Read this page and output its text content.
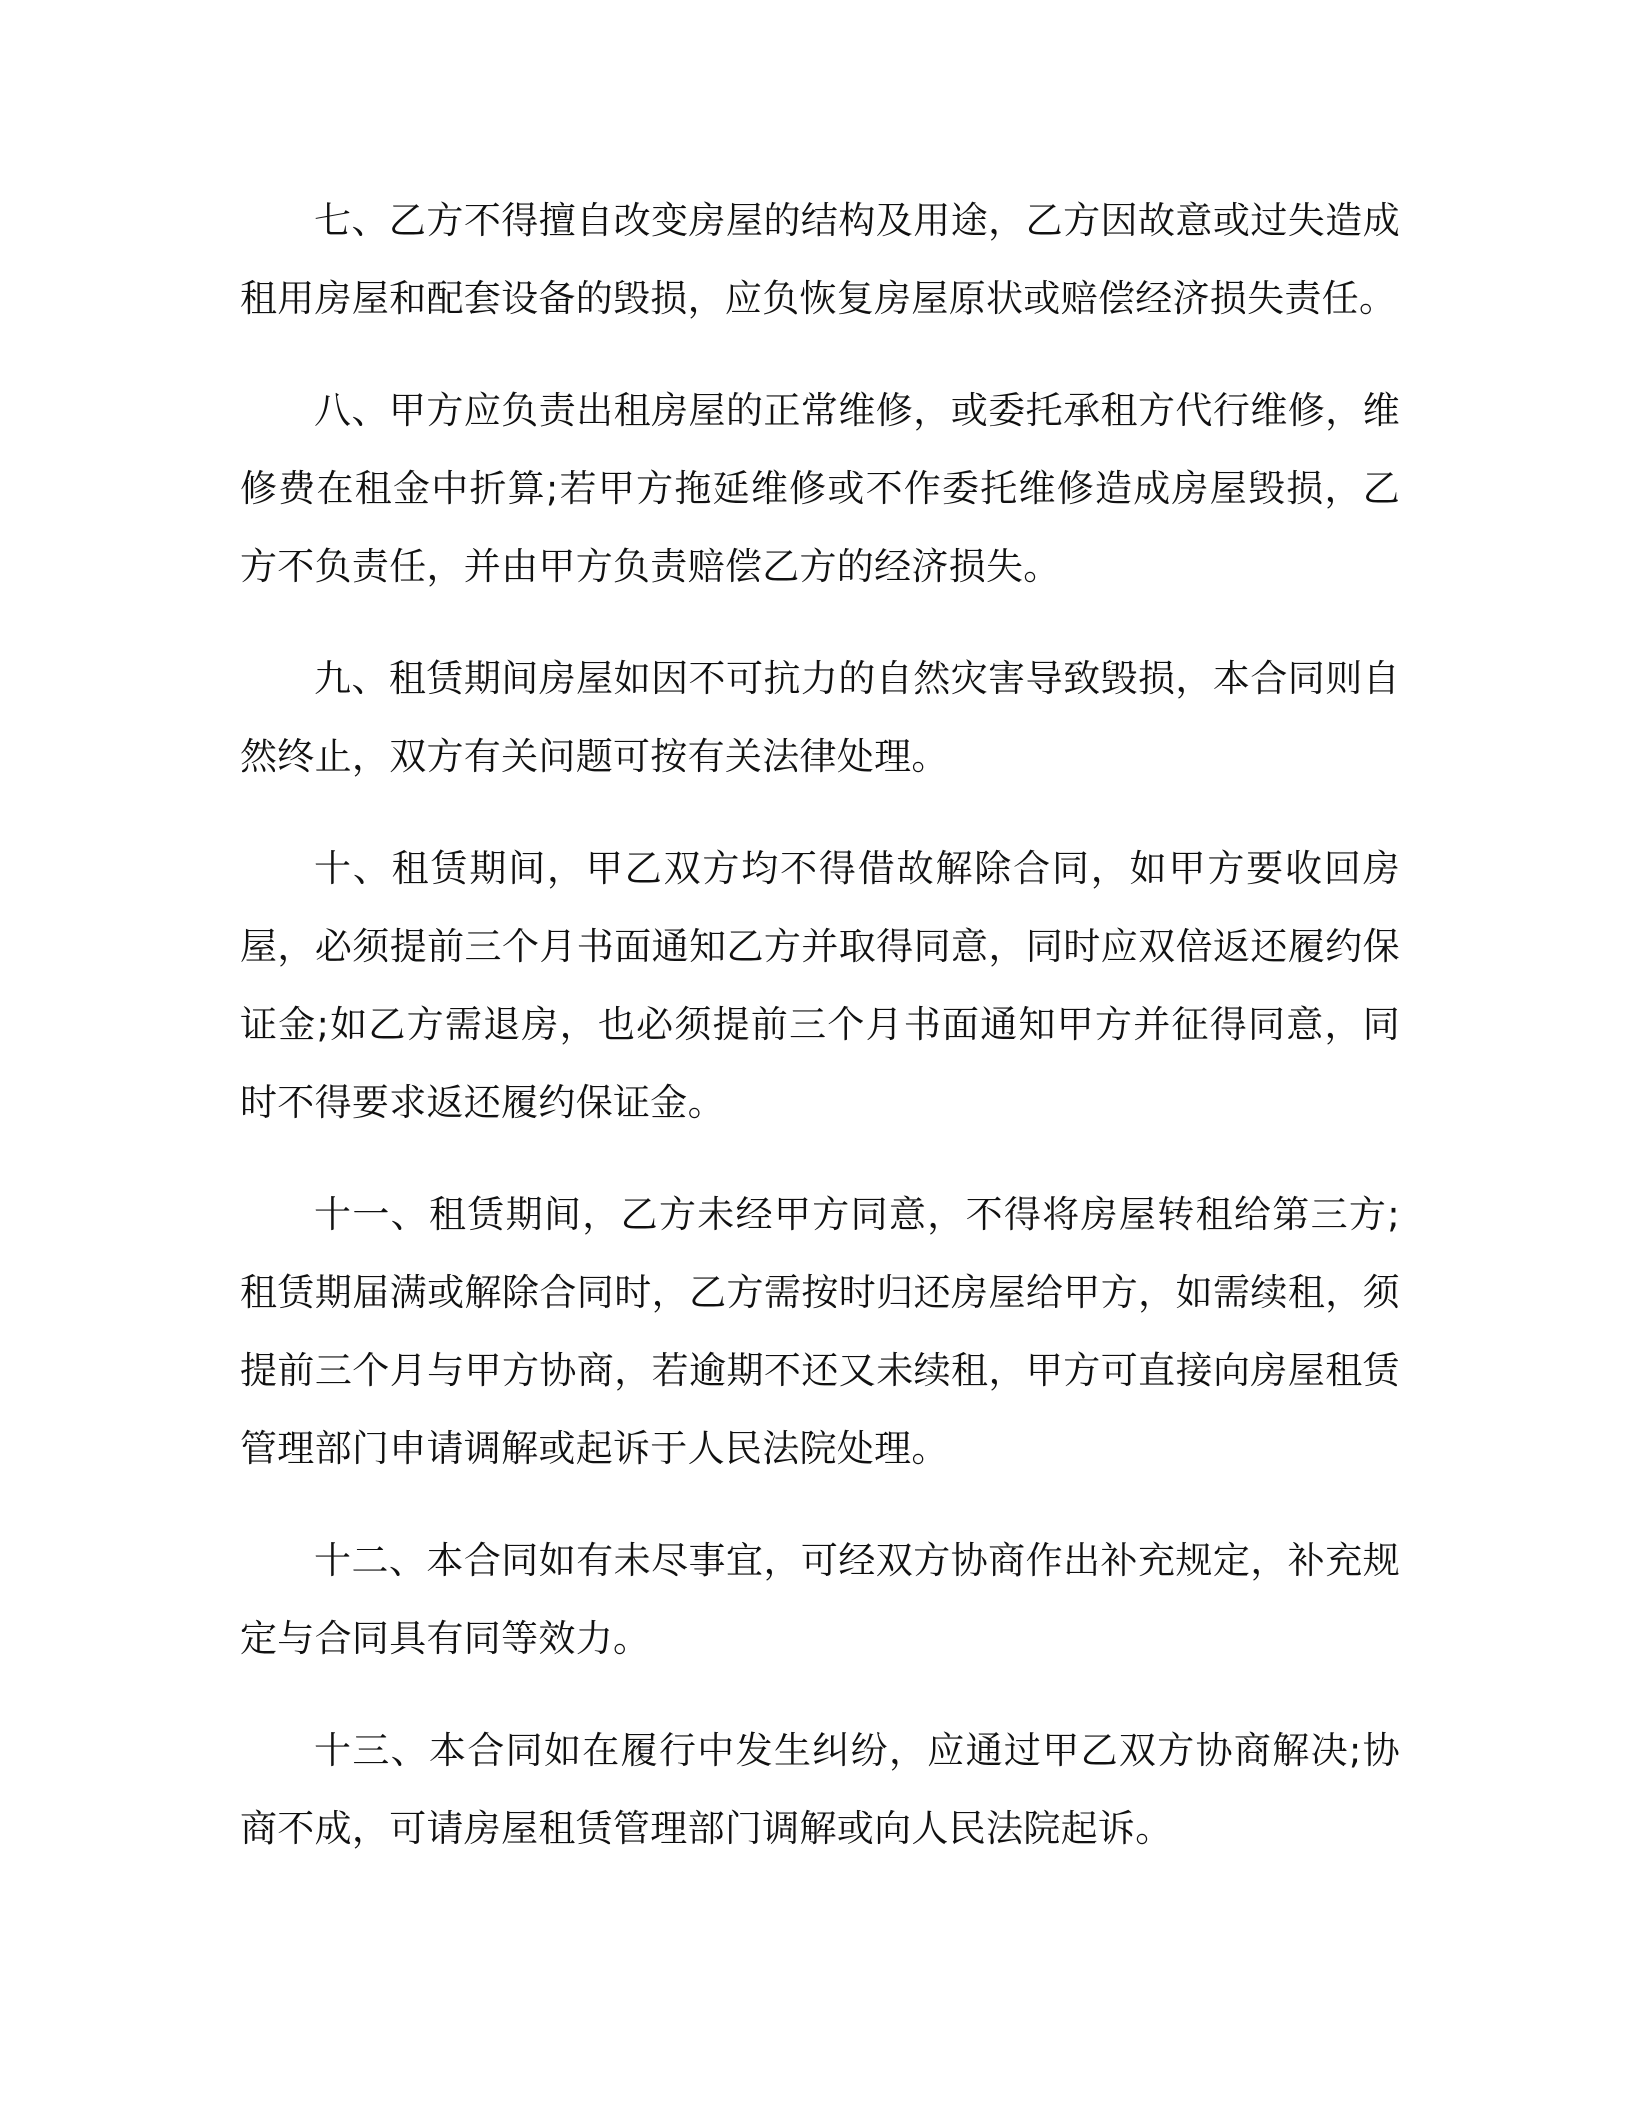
七、乙方不得擅自改变房屋的结构及用途，乙方因故意或过失造成租用房屋和配套设备的毁损，应负恢复房屋原状或赔偿经济损失责任。

八、甲方应负责出租房屋的正常维修，或委托承租方代行维修，维修费在租金中折算;若甲方拖延维修或不作委托维修造成房屋毁损，乙方不负责任，并由甲方负责赔偿乙方的经济损失。

九、租赁期间房屋如因不可抗力的自然灾害导致毁损，本合同则自然终止，双方有关问题可按有关法律处理。

十、租赁期间，甲乙双方均不得借故解除合同，如甲方要收回房屋，必须提前三个月书面通知乙方并取得同意，同时应双倍返还履约保证金;如乙方需退房，也必须提前三个月书面通知甲方并征得同意，同时不得要求返还履约保证金。

十一、租赁期间，乙方未经甲方同意，不得将房屋转租给第三方;租赁期届满或解除合同时，乙方需按时归还房屋给甲方，如需续租，须提前三个月与甲方协商，若逾期不还又未续租，甲方可直接向房屋租赁管理部门申请调解或起诉于人民法院处理。

十二、本合同如有未尽事宜，可经双方协商作出补充规定，补充规定与合同具有同等效力。

十三、本合同如在履行中发生纠纷，应通过甲乙双方协商解决;协商不成，可请房屋租赁管理部门调解或向人民法院起诉。
